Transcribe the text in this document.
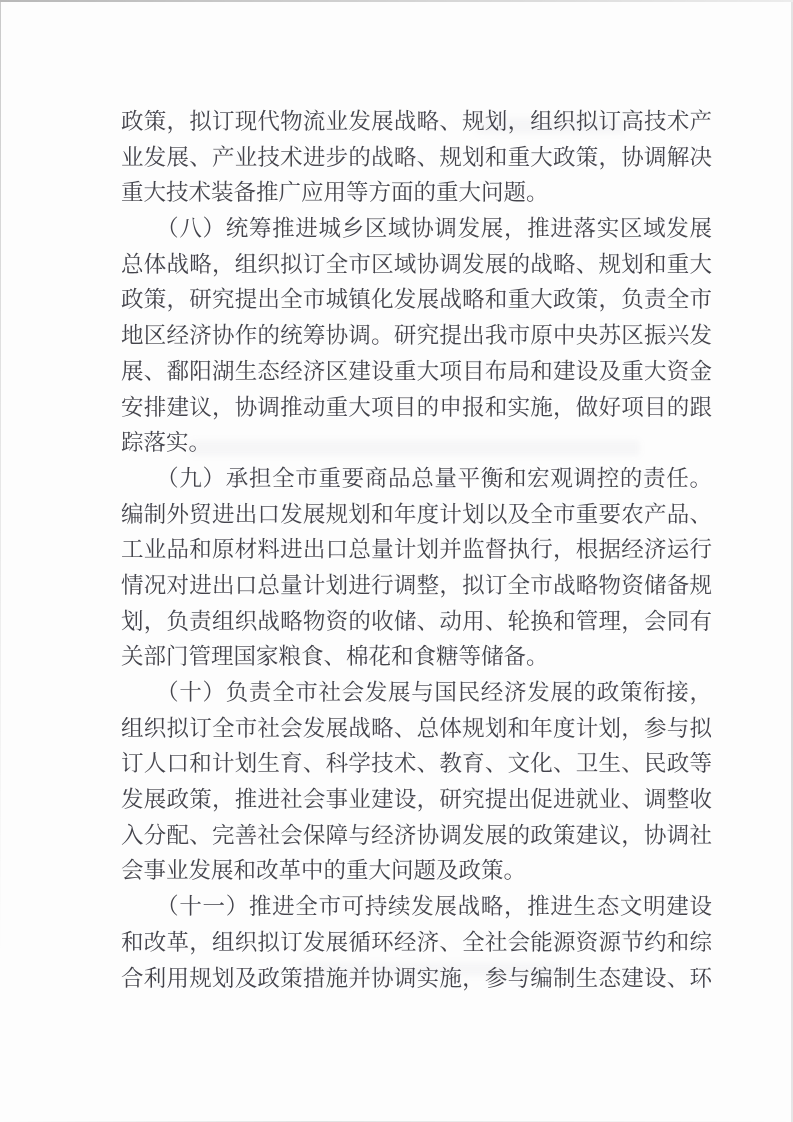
政策，拟订现代物流业发展战略、规划，组织拟订高技术产
业发展、产业技术进步的战略、规划和重大政策，协调解决
重大技术装备推广应用等方面的重大问题。
　　（八）统筹推进城乡区域协调发展，推进落实区域发展
总体战略，组织拟订全市区域协调发展的战略、规划和重大
政策，研究提出全市城镇化发展战略和重大政策，负责全市
地区经济协作的统筹协调。研究提出我市原中央苏区振兴发
展、鄱阳湖生态经济区建设重大项目布局和建设及重大资金
安排建议，协调推动重大项目的申报和实施，做好项目的跟
踪落实。
　　（九）承担全市重要商品总量平衡和宏观调控的责任。
编制外贸进出口发展规划和年度计划以及全市重要农产品、
工业品和原材料进出口总量计划并监督执行，根据经济运行
情况对进出口总量计划进行调整，拟订全市战略物资储备规
划，负责组织战略物资的收储、动用、轮换和管理，会同有
关部门管理国家粮食、棉花和食糖等储备。
　　（十）负责全市社会发展与国民经济发展的政策衔接，
组织拟订全市社会发展战略、总体规划和年度计划，参与拟
订人口和计划生育、科学技术、教育、文化、卫生、民政等
发展政策，推进社会事业建设，研究提出促进就业、调整收
入分配、完善社会保障与经济协调发展的政策建议，协调社
会事业发展和改革中的重大问题及政策。
　　（十一）推进全市可持续发展战略，推进生态文明建设
和改革，组织拟订发展循环经济、全社会能源资源节约和综
合利用规划及政策措施并协调实施，参与编制生态建设、环
